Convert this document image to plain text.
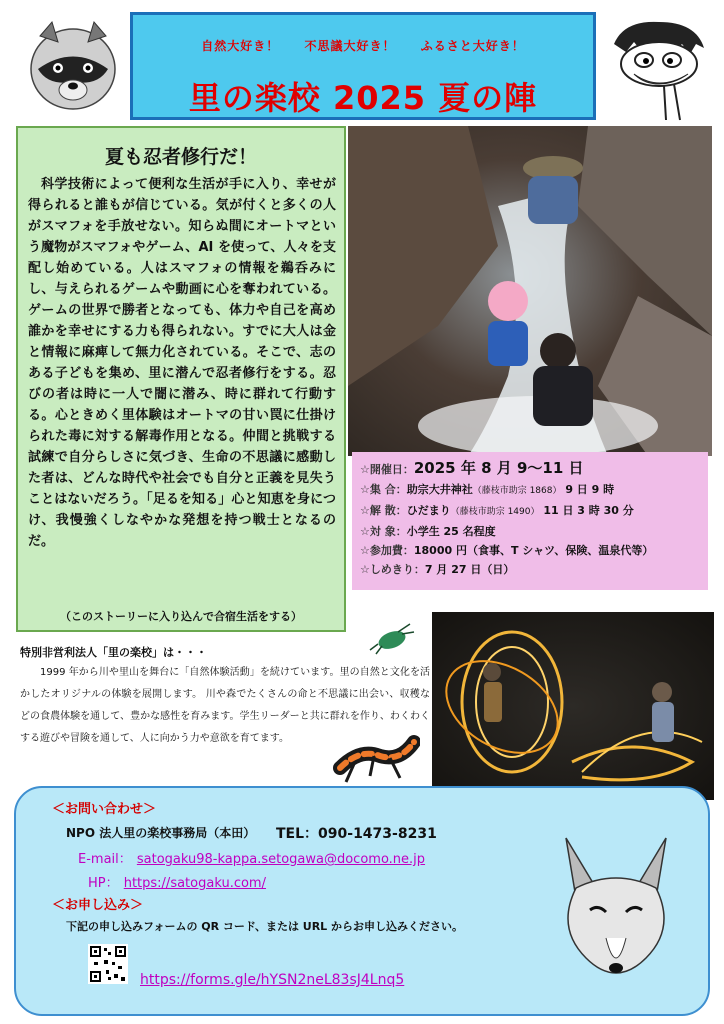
自然大好き！ 不思議大好き！ ふるさと大好き！
里の楽校 2025 夏の陣
夏も忍者修行だ！
科学技術によって便利な生活が手に入り、幸せが得られると誰もが信じている。気が付くと多くの人がスマフォを手放せない。知らぬ間にオートマという魔物がスマフォやゲーム、AI を使って、人々を支配し始めている。人はスマフォの情報を鵜呑みにし、与えられるゲームや動画に心を奪われている。ゲームの世界で勝者となっても、体力や自己を高め誰かを幸せにする力も得られない。すでに大人は金と情報に麻痺して無力化されている。そこで、志のある子どもを集め、里に潜んで忍者修行をする。忍びの者は時に一人で闇に潜み、時に群れて行動する。心ときめく里体験はオートマの甘い罠に仕掛けられた毒に対する解毒作用となる。仲間と挑戦する試練で自分らしさに気づき、生命の不思議に感動した者は、どんな時代や社会でも自分と正義を見失うことはないだろう。「足るを知る」心と知恵を身につけ、我慢強くしなやかな発想を持つ戦士となるのだ。
（このストーリーに入り込んで合宿生活をする）
☆開催日：2025 年 8 月 9～11 日
☆集 合：助宗大井神社（藤枝市助宗 1868） 9 日 9 時
☆解 散：ひだまり（藤枝市助宗 1490） 11 日 3 時 30 分
☆対 象：小学生 25 名程度
☆参加費：18000 円（食事、T シャツ、保険、温泉代等）
☆しめきり：7 月 27 日（日）
特別非営利法人「里の楽校」は・・・
1999 年から川や里山を舞台に「自然体験活動」を続けています。里の自然と文化を活かしたオリジナルの体験を展開します。 川や森でたくさんの命と不思議に出会い、収穫などの食農体験を通して、豊かな感性を育みます。学生リーダーと共に群れを作り、わくわくする遊びや冒険を通して、人に向かう力や意欲を育てます。
＜お問い合わせ＞
NPO 法人里の楽校事務局（本田） TEL：090-1473-8231
E-mail： satogaku98-kappa.setogawa@docomo.ne.jp
HP： https://satogaku.com/
＜お申し込み＞
下記の申し込みフォームの QR コード、または URL からお申し込みください。
https://forms.gle/hYSN2neL83sJ4Lnq5
